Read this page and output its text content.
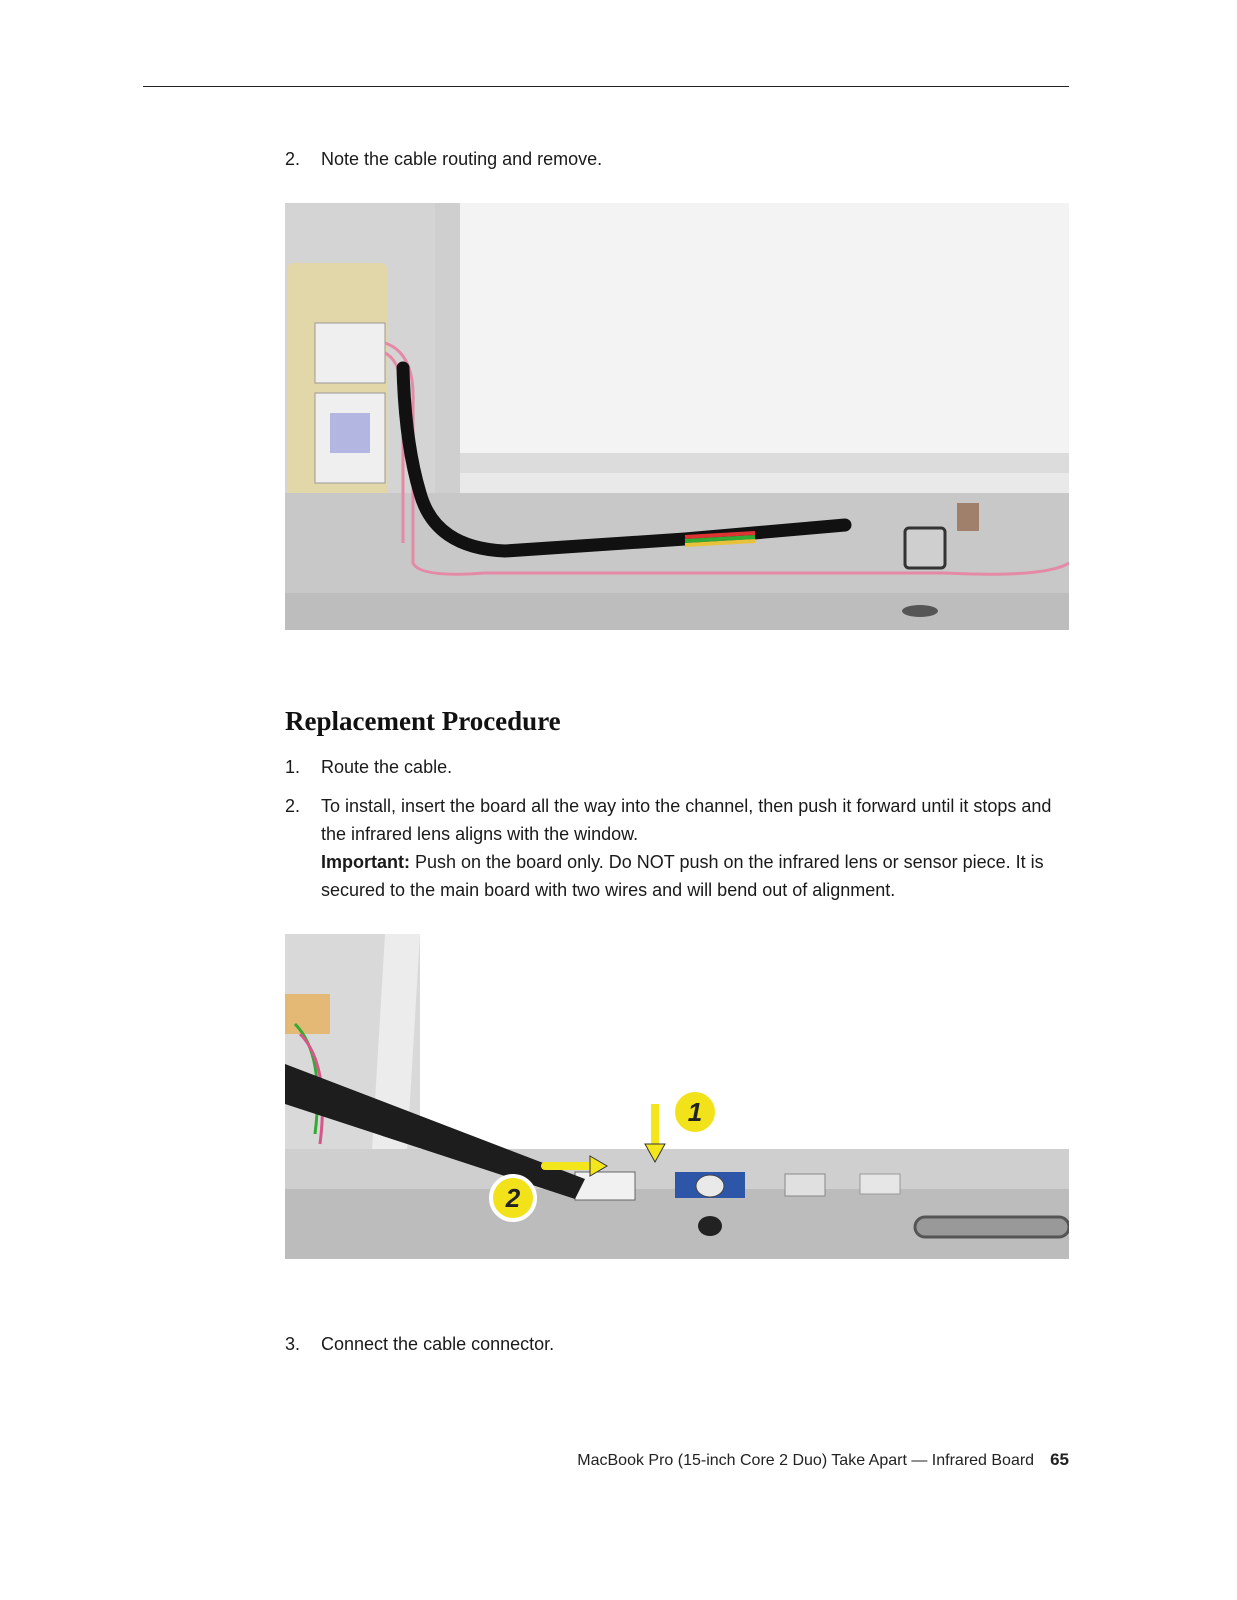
2.	Note the cable routing and remove.
Replacement Procedure
1.	Route the cable.
2.	To install, insert the board all the way into the channel, then push it forward until it stops and the infrared lens aligns with the window.
Important: Push on the board only. Do NOT push on the infrared lens or sensor piece. It is secured to the main board with two wires and will bend out of alignment.
1
2
3.	Connect the cable connector.
MacBook Pro (15-inch Core 2 Duo) Take Apart — Infrared Board 65
